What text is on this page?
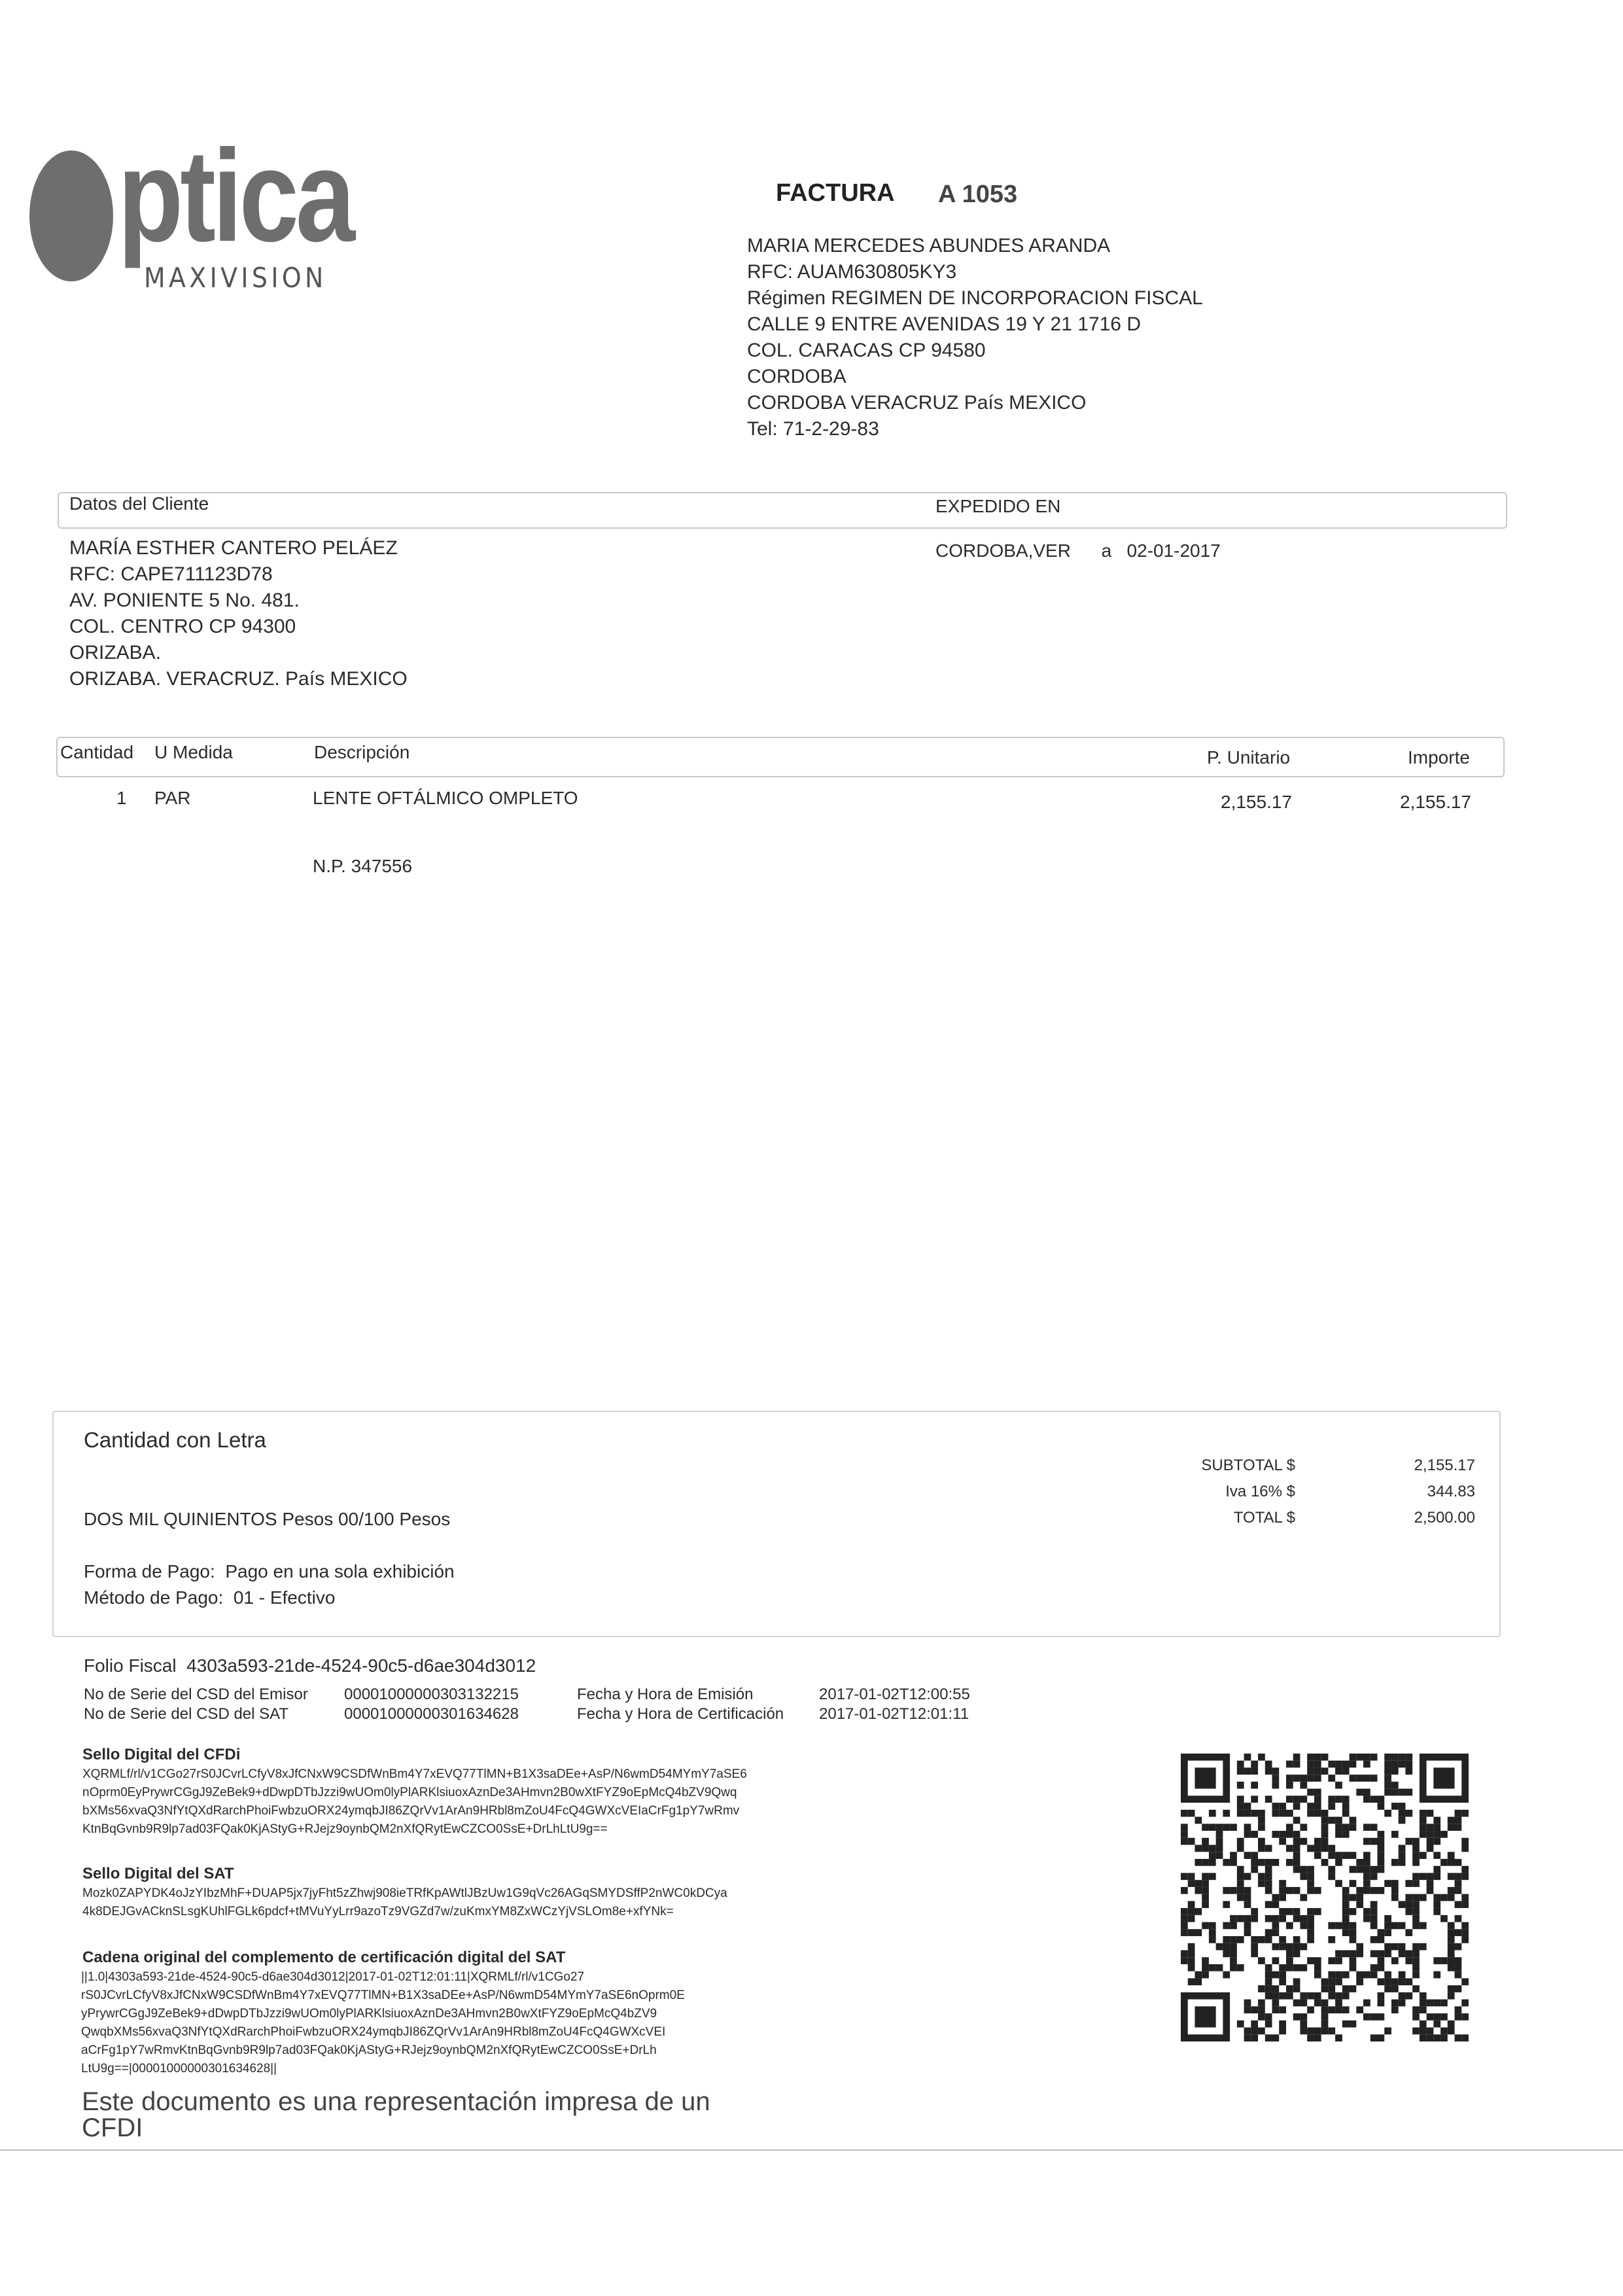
ptica
MAXIVISION
FACTURA A 1053
MARIA MERCEDES ABUNDES ARANDA
RFC: AUAM630805KY3
Régimen REGIMEN DE INCORPORACION FISCAL
CALLE 9 ENTRE AVENIDAS 19 Y 21 1716 D
COL. CARACAS CP 94580
CORDOBA
CORDOBA VERACRUZ País MEXICO
Tel: 71-2-29-83
Datos del Cliente	EXPEDIDO EN
CORDOBA,VER      a   02-01-2017
MARÍA ESTHER CANTERO PELÁEZ
RFC: CAPE711123D78
AV. PONIENTE 5 No. 481.
COL. CENTRO CP 94300
ORIZABA.
ORIZABA. VERACRUZ. País MEXICO
Cantidad U Medida	Descripción	P. Unitario	Importe
1 PAR	LENTE OFTÁLMICO OMPLETO	2,155.17	2,155.17
N.P. 347556
Cantidad con Letra
DOS MIL QUINIENTOS Pesos 00/100 Pesos
SUBTOTAL $	2,155.17
Iva 16% $	344.83
TOTAL $	2,500.00
Forma de Pago:  Pago en una sola exhibición
Método de Pago:  01 - Efectivo
Folio Fiscal  4303a593-21de-4524-90c5-d6ae304d3012
No de Serie del CSD del Emisor 00001000000303132215	Fecha y Hora de Emisión	2017-01-02T12:00:55
No de Serie del CSD del SAT	00001000000301634628	Fecha y Hora de Certificación 2017-01-02T12:01:11
Sello Digital del CFDi
XQRMLf/rl/v1CGo27rS0JCvrLCfyV8xJfCNxW9CSDfWnBm4Y7xEVQ77TlMN+B1X3saDEe+AsP/N6wmD54MYmY7aSE6
nOprm0EyPrywrCGgJ9ZeBek9+dDwpDTbJzzi9wUOm0lyPlARKlsiuoxAznDe3AHmvn2B0wXtFYZ9oEpMcQ4bZV9Qwq
bXMs56xvaQ3NfYtQXdRarchPhoiFwbzuORX24ymqbJI86ZQrVv1ArAn9HRbl8mZoU4FcQ4GWXcVEIaCrFg1pY7wRmv
KtnBqGvnb9R9lp7ad03FQak0KjAStyG+RJejz9oynbQM2nXfQRytEwCZCO0SsE+DrLhLtU9g==
Sello Digital del SAT
Mozk0ZAPYDK4oJzYIbzMhF+DUAP5jx7jyFht5zZhwj908ieTRfKpAWtlJBzUw1G9qVc26AGqSMYDSffP2nWC0kDCya
4k8DEJGvACknSLsgKUhlFGLk6pdcf+tMVuYyLrr9azoTz9VGZd7w/zuKmxYM8ZxWCzYjVSLOm8e+xfYNk=
Cadena original del complemento de certificación digital del SAT
||1.0|4303a593-21de-4524-90c5-d6ae304d3012|2017-01-02T12:01:11|XQRMLf/rl/v1CGo27
rS0JCvrLCfyV8xJfCNxW9CSDfWnBm4Y7xEVQ77TlMN+B1X3saDEe+AsP/N6wmD54MYmY7aSE6nOprm0E
yPrywrCGgJ9ZeBek9+dDwpDTbJzzi9wUOm0lyPlARKlsiuoxAznDe3AHmvn2B0wXtFYZ9oEpMcQ4bZV9
QwqbXMs56xvaQ3NfYtQXdRarchPhoiFwbzuORX24ymqbJI86ZQrVv1ArAn9HRbl8mZoU4FcQ4GWXcVEI
aCrFg1pY7wRmvKtnBqGvnb9R9lp7ad03FQak0KjAStyG+RJejz9oynbQM2nXfQRytEwCZCO0SsE+DrLh
LtU9g==|00001000000301634628||
Este documento es una representación impresa de un CFDI
